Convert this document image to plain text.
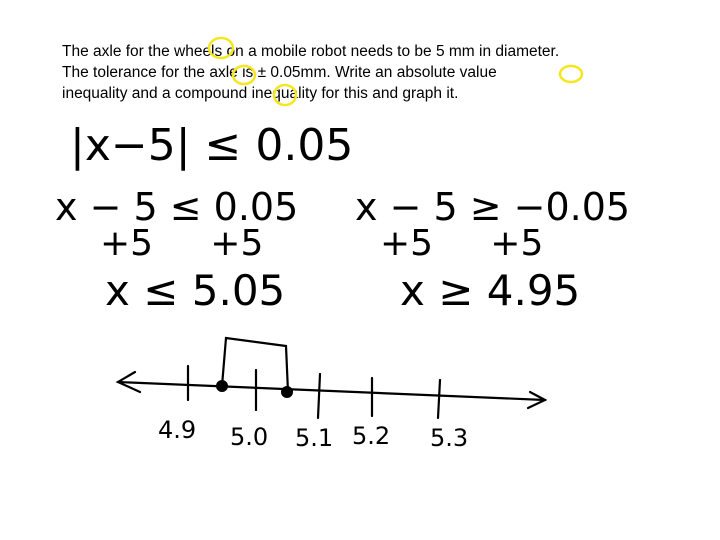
The axle for the wheels on a mobile robot needs to be 5 mm in diameter.
The tolerance for the axle is ± 0.05mm. Write an absolute value
inequality and a compound inequality for this and graph it.
|x−5| ≤ 0.05
x − 5 ≤ 0.05
+5     +5
x ≤ 5.05
x − 5 ≥ −0.05
+5     +5
x ≥ 4.95
4.9 5.0 5.1 5.2 5.3
